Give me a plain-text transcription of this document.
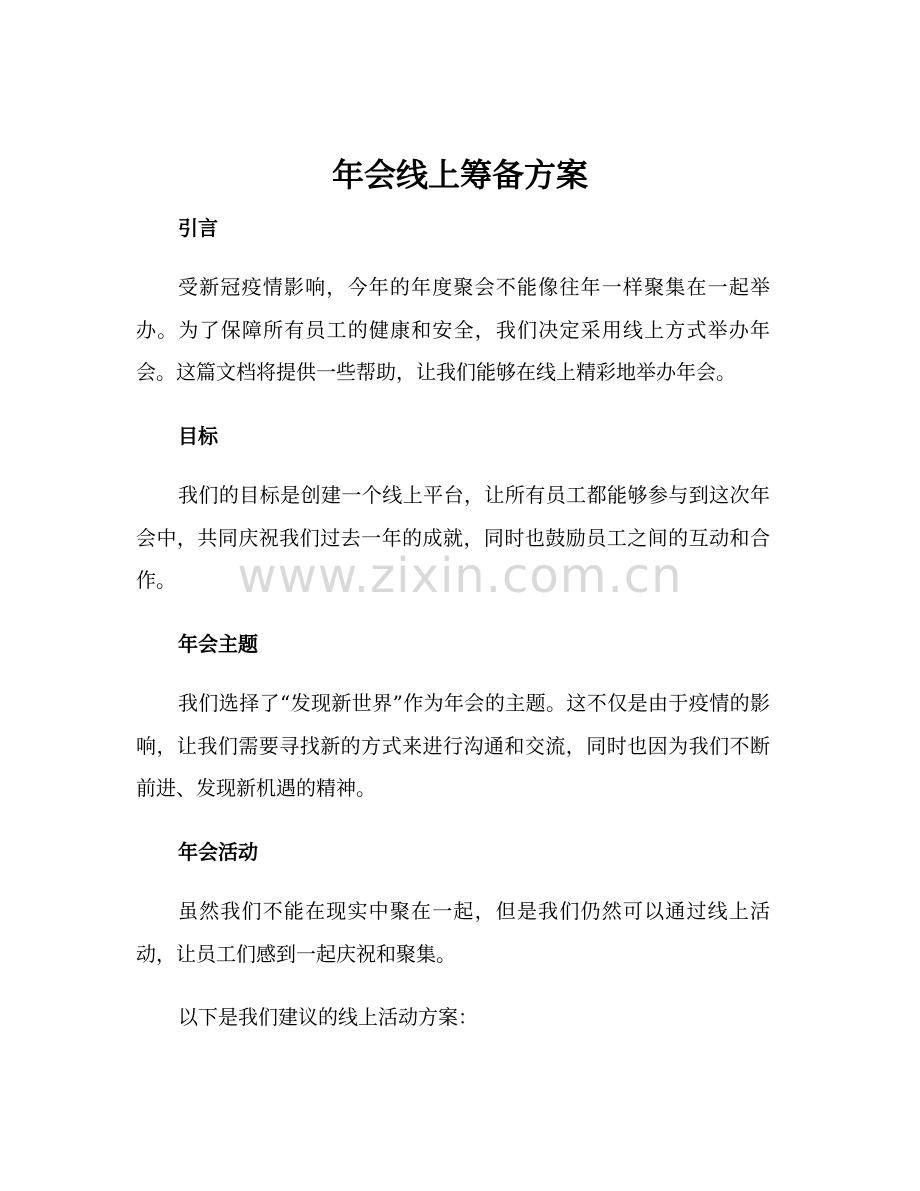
年会线上筹备方案
引言

受新冠疫情影响，今年的年度聚会不能像往年一样聚集在一起举办。为了保障所有员工的健康和安全，我们决定采用线上方式举办年会。这篇文档将提供一些帮助，让我们能够在线上精彩地举办年会。

目标

我们的目标是创建一个线上平台，让所有员工都能够参与到这次年会中，共同庆祝我们过去一年的成就，同时也鼓励员工之间的互动和合作。

年会主题

我们选择了“发现新世界”作为年会的主题。这不仅是由于疫情的影响，让我们需要寻找新的方式来进行沟通和交流，同时也因为我们不断前进、发现新机遇的精神。

年会活动

虽然我们不能在现实中聚在一起，但是我们仍然可以通过线上活动，让员工们感到一起庆祝和聚集。

以下是我们建议的线上活动方案：

www.zixin.com.cn
